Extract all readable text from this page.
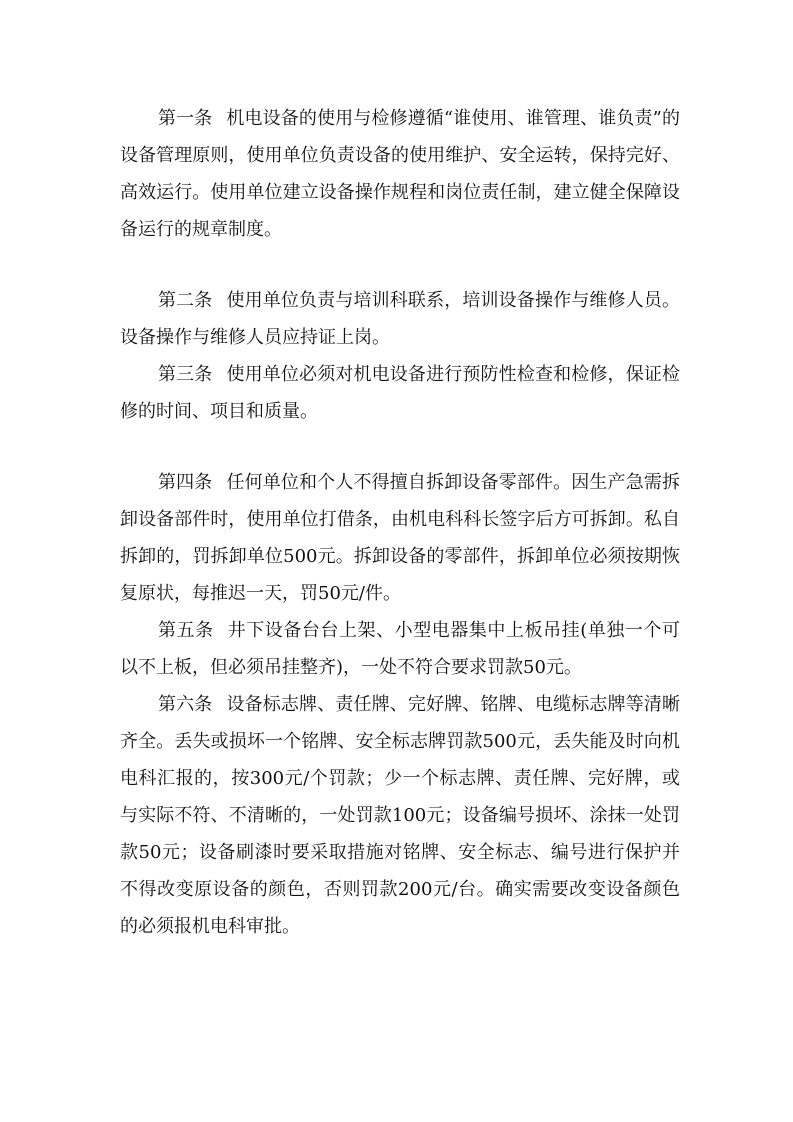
第一条 机电设备的使用与检修遵循“谁使用、谁管理、谁负责”的设备管理原则，使用单位负责设备的使用维护、安全运转，保持完好、高效运行。使用单位建立设备操作规程和岗位责任制，建立健全保障设备运行的规章制度。

第二条 使用单位负责与培训科联系，培训设备操作与维修人员。设备操作与维修人员应持证上岗。

第三条 使用单位必须对机电设备进行预防性检查和检修，保证检修的时间、项目和质量。

第四条 任何单位和个人不得擅自拆卸设备零部件。因生产急需拆卸设备部件时，使用单位打借条，由机电科科长签字后方可拆卸。私自拆卸的，罚拆卸单位500元。拆卸设备的零部件，拆卸单位必须按期恢复原状，每推迟一天，罚50元/件。

第五条 井下设备台台上架、小型电器集中上板吊挂(单独一个可以不上板，但必须吊挂整齐)，一处不符合要求罚款50元。

第六条 设备标志牌、责任牌、完好牌、铭牌、电缆标志牌等清晰齐全。丢失或损坏一个铭牌、安全标志牌罚款500元，丢失能及时向机电科汇报的，按300元/个罚款；少一个标志牌、责任牌、完好牌，或与实际不符、不清晰的，一处罚款100元；设备编号损坏、涂抹一处罚款50元；设备刷漆时要采取措施对铭牌、安全标志、编号进行保护并不得改变原设备的颜色，否则罚款200元/台。确实需要改变设备颜色的必须报机电科审批。
